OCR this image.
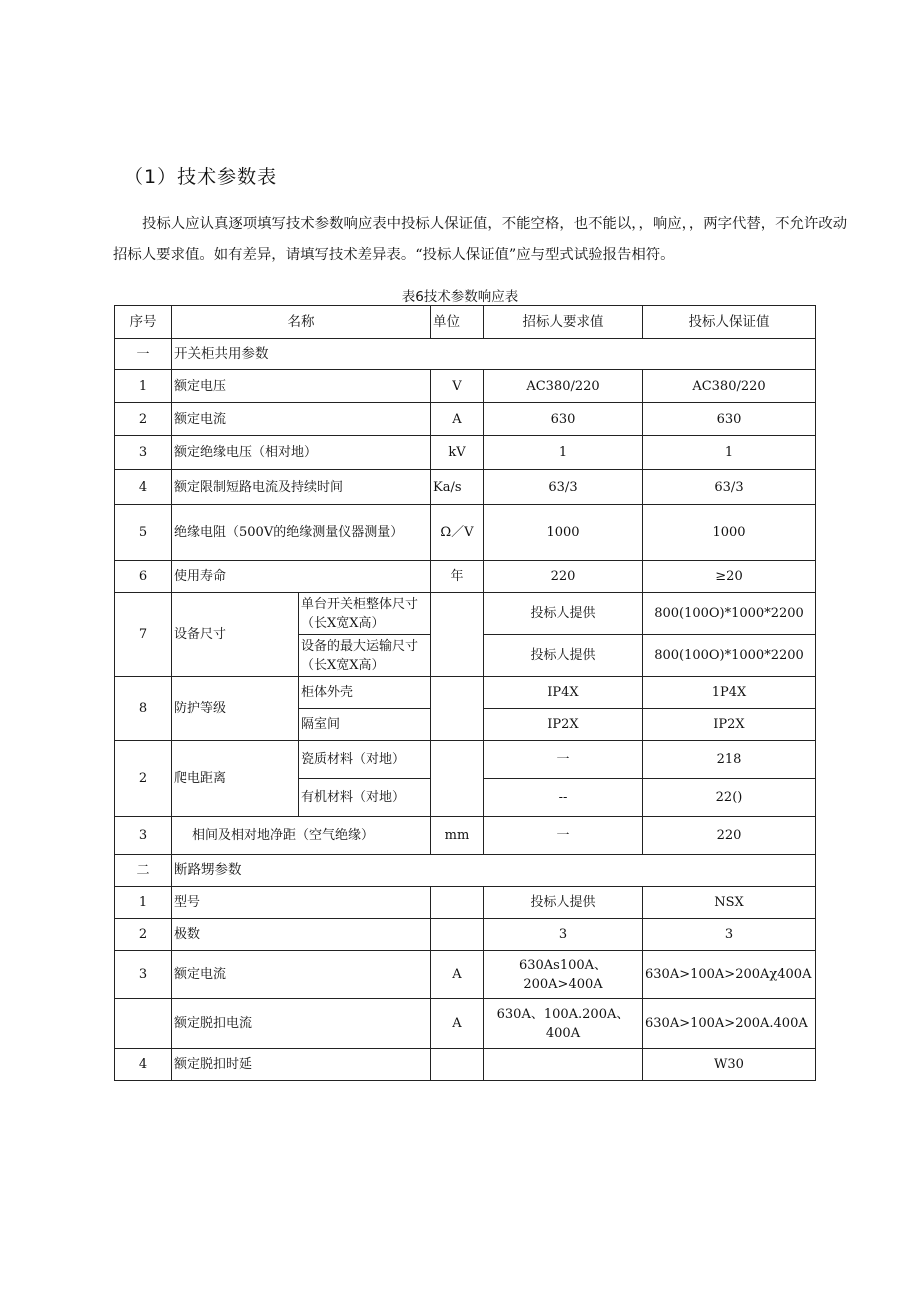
（1）技术参数表

投标人应认真逐项填写技术参数响应表中投标人保证值，不能空格，也不能以，，响应，，两字代替，不允许改动招标人要求值。如有差异，请填写技术差异表。“投标人保证值”应与型式试验报告相符。

表6技术参数响应表
序号	名称		单位	招标人要求值	投标人保证值
一	开关柜共用参数				
1	额定电压		V	AC380/220	AC380/220
2	额定电流		A	630	630
3	额定绝缘电压（相对地）		kV	1	1
4	额定限制短路电流及持续时间		Ka/s	63/3	63/3
5	绝缘电阻（500V的绝缘测量仪器测量）		Ω／V	1000	1000
6	使用寿命		年	220	≥20
7	设备尺寸	单台开关柜整体尺寸（长X宽X高）		投标人提供	800(100O)*1000*2200
		设备的最大运输尺寸（长X宽X高）		投标人提供	800(100O)*1000*2200
8	防护等级	柜体外壳		IP4X	1P4X
		隔室间		IP2X	IP2X
2	爬电距离	瓷质材料（对地）		一	218
		有机材料（对地）		--	22()
3	相间及相对地净距（空气绝缘）		mm	一	220
二	断路甥参数				
1	型号			投标人提供	NSX
2	极数			3	3
3	额定电流		A	630As100A、200A>400A	630A>100A>200Aχ400A
	额定脱扣电流		A	630A、100A.200A、400A	630A>100A>200A.400A
4	额定脱扣时延				W30
